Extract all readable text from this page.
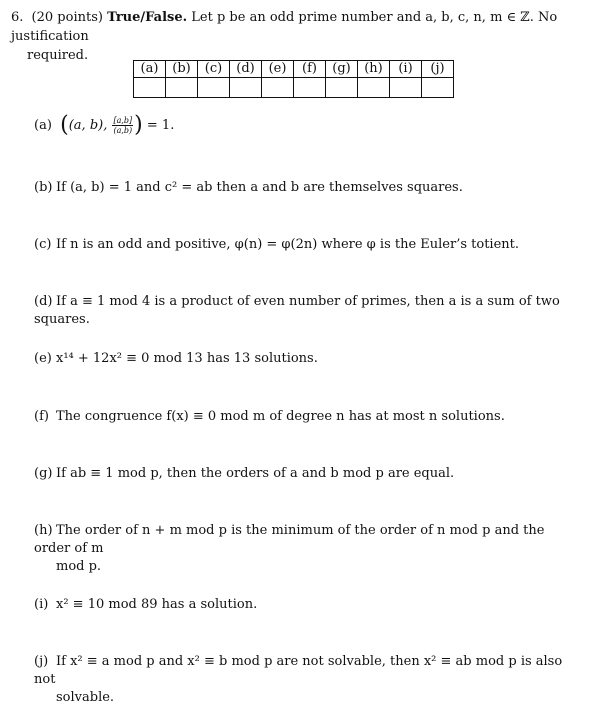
6. (20 points) True/False. Let p be an odd prime number and a, b, c, n, m ∈ ℤ. No justification
required.
(a)	(b)	(c)	(d)	(e)	(f)	(g)	(h)	(i)	(j)

(a) ((a, b), $\frac{[a,b]}{(a,b)}$ ) = 1.
(b) If (a, b) = 1 and c² = ab then a and b are themselves squares.
(c) If n is an odd and positive, φ(n) = φ(2n) where φ is the Euler’s totient.
(d) If a ≡ 1 mod 4 is a product of even number of primes, then a is a sum of two squares.
(e) x¹⁴ + 12x² ≡ 0 mod 13 has 13 solutions.
(f) The congruence f(x) ≡ 0 mod m of degree n has at most n solutions.
(g) If ab ≡ 1 mod p, then the orders of a and b mod p are equal.
(h) The order of n + m mod p is the minimum of the order of n mod p and the order of m
mod p.
(i) x² ≡ 10 mod 89 has a solution.
(j) If x² ≡ a mod p and x² ≡ b mod p are not solvable, then x² ≡ ab mod p is also not
solvable.
